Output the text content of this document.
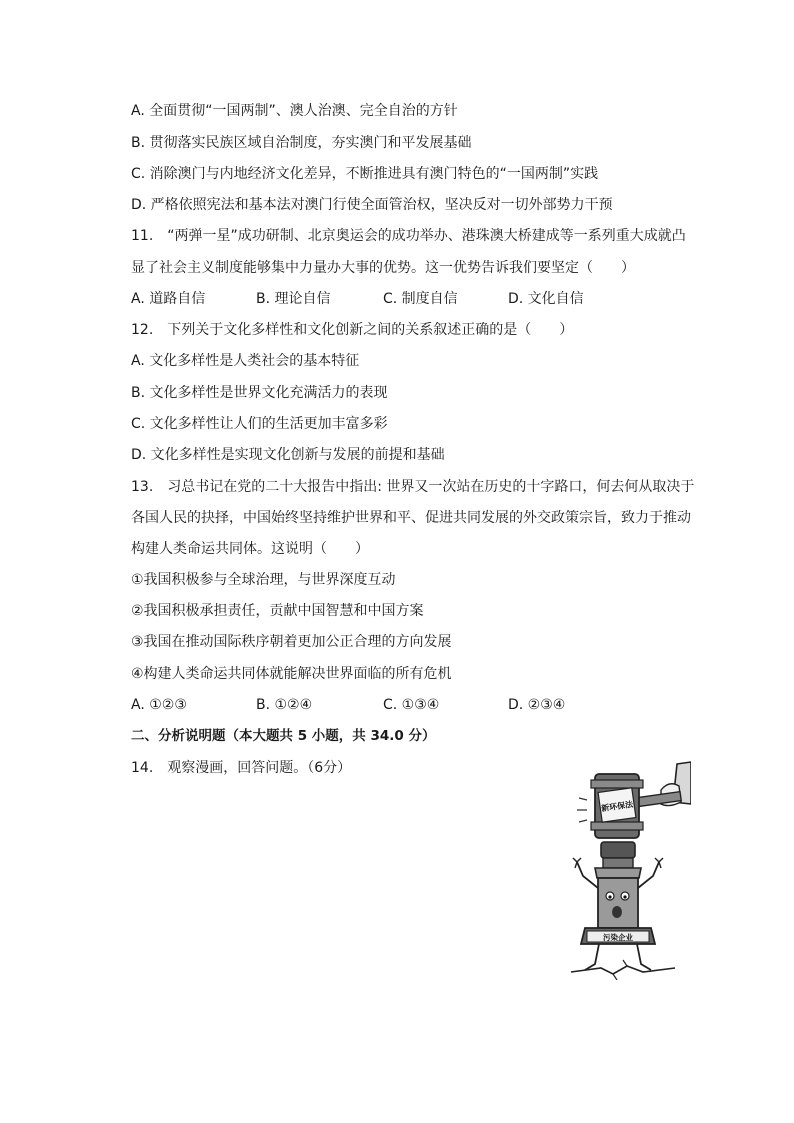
A. 全面贯彻“一国两制”、澳人治澳、完全自治的方针
B. 贯彻落实民族区域自治制度，夯实澳门和平发展基础
C. 消除澳门与内地经济文化差异，不断推进具有澳门特色的“一国两制”实践
D. 严格依照宪法和基本法对澳门行使全面管治权，坚决反对一切外部势力干预
11.　“两弹一星”成功研制、北京奥运会的成功举办、港珠澳大桥建成等一系列重大成就凸
显了社会主义制度能够集中力量办大事的优势。这一优势告诉我们要坚定（　　）
A. 道路自信	B. 理论自信	C. 制度自信	D. 文化自信
12.　下列关于文化多样性和文化创新之间的关系叙述正确的是（　　）
A. 文化多样性是人类社会的基本特征
B. 文化多样性是世界文化充满活力的表现
C. 文化多样性让人们的生活更加丰富多彩
D. 文化多样性是实现文化创新与发展的前提和基础
13.　习总书记在党的二十大报告中指出: 世界又一次站在历史的十字路口，何去何从取决于
各国人民的抉择，中国始终坚持维护世界和平、促进共同发展的外交政策宗旨，致力于推动
构建人类命运共同体。这说明（　　）
①我国积极参与全球治理，与世界深度互动
②我国积极承担责任，贡献中国智慧和中国方案
③我国在推动国际秩序朝着更加公正合理的方向发展
④构建人类命运共同体就能解决世界面临的所有危机
A. ①②③	B. ①②④	C. ①③④	D. ②③④
二、分析说明题（本大题共 5 小题，共 34.0 分）
14.　观察漫画，回答问题。（6分）
新环保法
污染企业
